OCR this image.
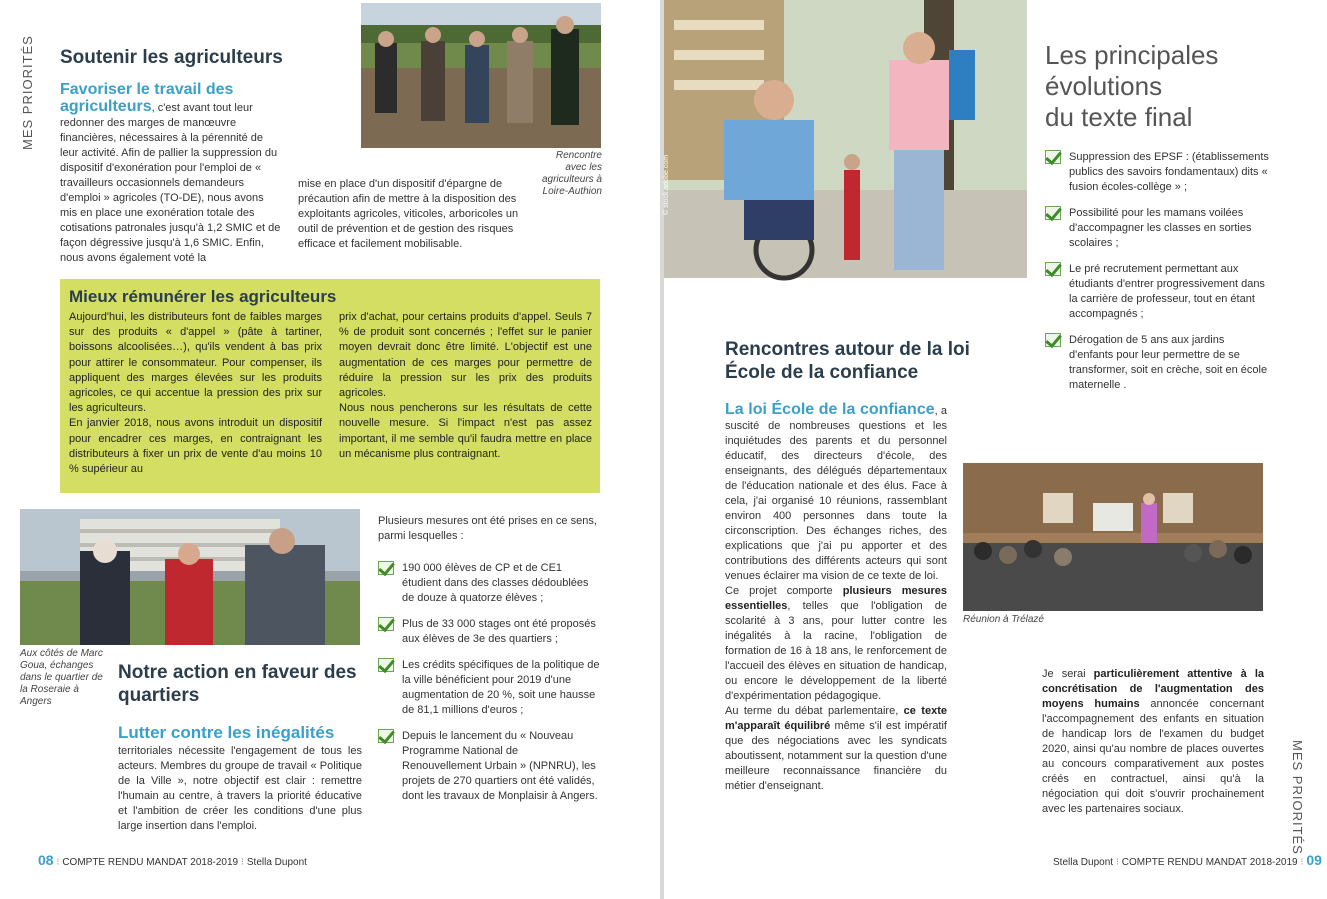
MES PRIORITÉS Soutenir les agriculteurs
Rencontre avec les agriculteurs à Loire-Authion
Favoriser le travail des agriculteurs, c'est avant tout leur redonner des marges de manœuvre financières, nécessaires à la pérennité de leur activité. Afin de pallier la suppression du dispositif d'exonération pour l'emploi de « travailleurs occasionnels demandeurs d'emploi » agricoles (TO-DE), nous avons mis en place une exonération totale des cotisations patronales jusqu'à 1,2 SMIC et de façon dégressive jusqu'à 1,6 SMIC. Enfin, nous avons également voté la
mise en place d'un dispositif d'épargne de précaution afin de mettre à la disposition des exploitants agricoles, viticoles, arboricoles un outil de prévention et de gestion des risques efficace et facilement mobilisable.
Mieux rémunérer les agriculteurs
Aujourd'hui, les distributeurs font de faibles marges sur des produits « d'appel » (pâte à tartiner, boissons alcoolisées…), qu'ils vendent à bas prix pour attirer le consommateur. Pour compenser, ils appliquent des marges élevées sur les produits agricoles, ce qui accentue la pression des prix sur les agriculteurs.
En janvier 2018, nous avons introduit un dispositif pour encadrer ces marges, en contraignant les distributeurs à fixer un prix de vente d'au moins 10 % supérieur au
prix d'achat, pour certains produits d'appel. Seuls 7 % de produit sont concernés ; l'effet sur le panier moyen devrait donc être limité. L'objectif est une augmentation de ces marges pour permettre de réduire la pression sur les prix des produits agricoles.
Nous nous pencherons sur les résultats de cette nouvelle mesure. Si l'impact n'est pas assez important, il me semble qu'il faudra mettre en place un mécanisme plus contraignant.
Aux côtés de Marc Goua, échanges dans le quartier de la Roseraie à Angers
Notre action en faveur des quartiers
Lutter contre les inégalités
territoriales nécessite l'engagement de tous les acteurs. Membres du groupe de travail « Politique de la Ville », notre objectif est clair : remettre l'humain au centre, à travers la priorité éducative et l'ambition de créer les conditions d'une plus large insertion dans l'emploi.
Plusieurs mesures ont été prises en ce sens, parmi lesquelles :
190 000 élèves de CP et de CE1 étudient dans des classes dédoublées de douze à quatorze élèves ;
Plus de 33 000 stages ont été proposés aux élèves de 3e des quartiers ;
Les crédits spécifiques de la politique de la ville bénéficient pour 2019 d'une augmentation de 20 %, soit une hausse de 81,1 millions d'euros ;
Depuis le lancement du « Nouveau Programme National de Renouvellement Urbain » (NPNRU), les projets de 270 quartiers ont été validés, dont les travaux de Monplaisir à Angers.
08 ⁝ COMPTE RENDU MANDAT 2018-2019 ⁝ Stella Dupont
© stock.adobe.com
Les principales
évolutions
du texte final
Suppression des EPSF : (établissements publics des savoirs fondamentaux) dits « fusion écoles-collège » ;
Possibilité pour les mamans voilées d'accompagner les classes en sorties scolaires ;
Le pré recrutement permettant aux étudiants d'entrer progressivement dans la carrière de professeur, tout en étant accompagnés ;
Dérogation de 5 ans aux jardins d'enfants pour leur permettre de se transformer, soit en crèche, soit en école maternelle .
Rencontres autour de la loi
École de la confiance
La loi École de la confiance, a suscité de nombreuses questions et les inquiétudes des parents et du personnel éducatif, des directeurs d'école, des enseignants, des délégués départementaux de l'éducation nationale et des élus. Face à cela, j'ai organisé 10 réunions, rassemblant environ 400 personnes dans toute la circonscription. Des échanges riches, des explications que j'ai pu apporter et des contributions des différents acteurs qui sont venues éclairer ma vision de ce texte de loi.
Ce projet comporte plusieurs mesures essentielles, telles que l'obligation de scolarité à 3 ans, pour lutter contre les inégalités à la racine, l'obligation de formation de 16 à 18 ans, le renforcement de l'accueil des élèves en situation de handicap, ou encore le développement de la liberté d'expérimentation pédagogique.
Au terme du débat parlementaire, ce texte m'apparaît équilibré même s'il est impératif que des négociations avec les syndicats aboutissent, notamment sur la question d'une meilleure reconnaissance financière du métier d'enseignant.
Réunion à Trélazé
Je serai particulièrement attentive à la concrétisation de l'augmentation des moyens humains annoncée concernant l'accompagnement des enfants en situation de handicap lors de l'examen du budget 2020, ainsi qu'au nombre de places ouvertes au concours comparativement aux postes créés en contractuel, ainsi qu'à la négociation qui doit s'ouvrir prochainement avec les partenaires sociaux.
Stella Dupont ⁝ COMPTE RENDU MANDAT 2018-2019 ⁝ 09
MES PRIORITÉS
